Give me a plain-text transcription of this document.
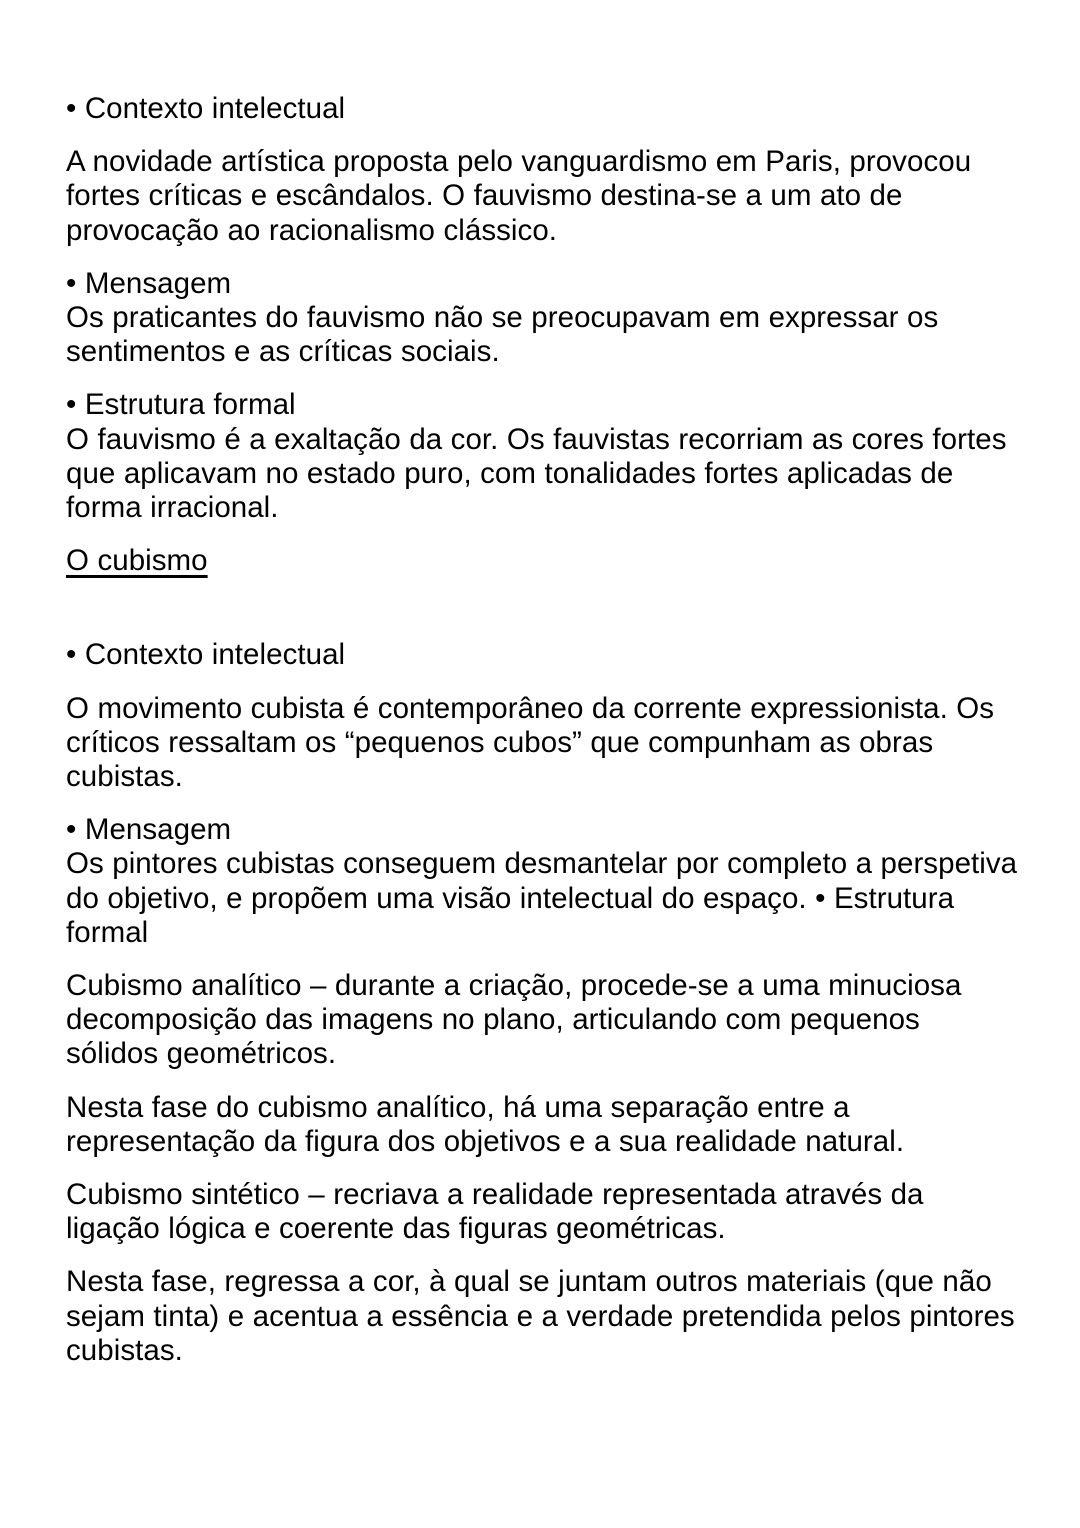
• Contexto intelectual

A novidade artística proposta pelo vanguardismo em Paris, provocou fortes críticas e escândalos. O fauvismo destina-se a um ato de provocação ao racionalismo clássico.

• Mensagem
Os praticantes do fauvismo não se preocupavam em expressar os sentimentos e as críticas sociais.

• Estrutura formal
O fauvismo é a exaltação da cor. Os fauvistas recorriam as cores fortes que aplicavam no estado puro, com tonalidades fortes aplicadas de forma irracional.

O cubismo

• Contexto intelectual

O movimento cubista é contemporâneo da corrente expressionista. Os críticos ressaltam os “pequenos cubos” que compunham as obras cubistas.

• Mensagem
Os pintores cubistas conseguem desmantelar por completo a perspetiva do objetivo, e propõem uma visão intelectual do espaço. • Estrutura formal

Cubismo analítico – durante a criação, procede-se a uma minuciosa decomposição das imagens no plano, articulando com pequenos sólidos geométricos.

Nesta fase do cubismo analítico, há uma separação entre a representação da figura dos objetivos e a sua realidade natural.

Cubismo sintético – recriava a realidade representada através da ligação lógica e coerente das figuras geométricas.

Nesta fase, regressa a cor, à qual se juntam outros materiais (que não sejam tinta) e acentua a essência e a verdade pretendida pelos pintores cubistas.
